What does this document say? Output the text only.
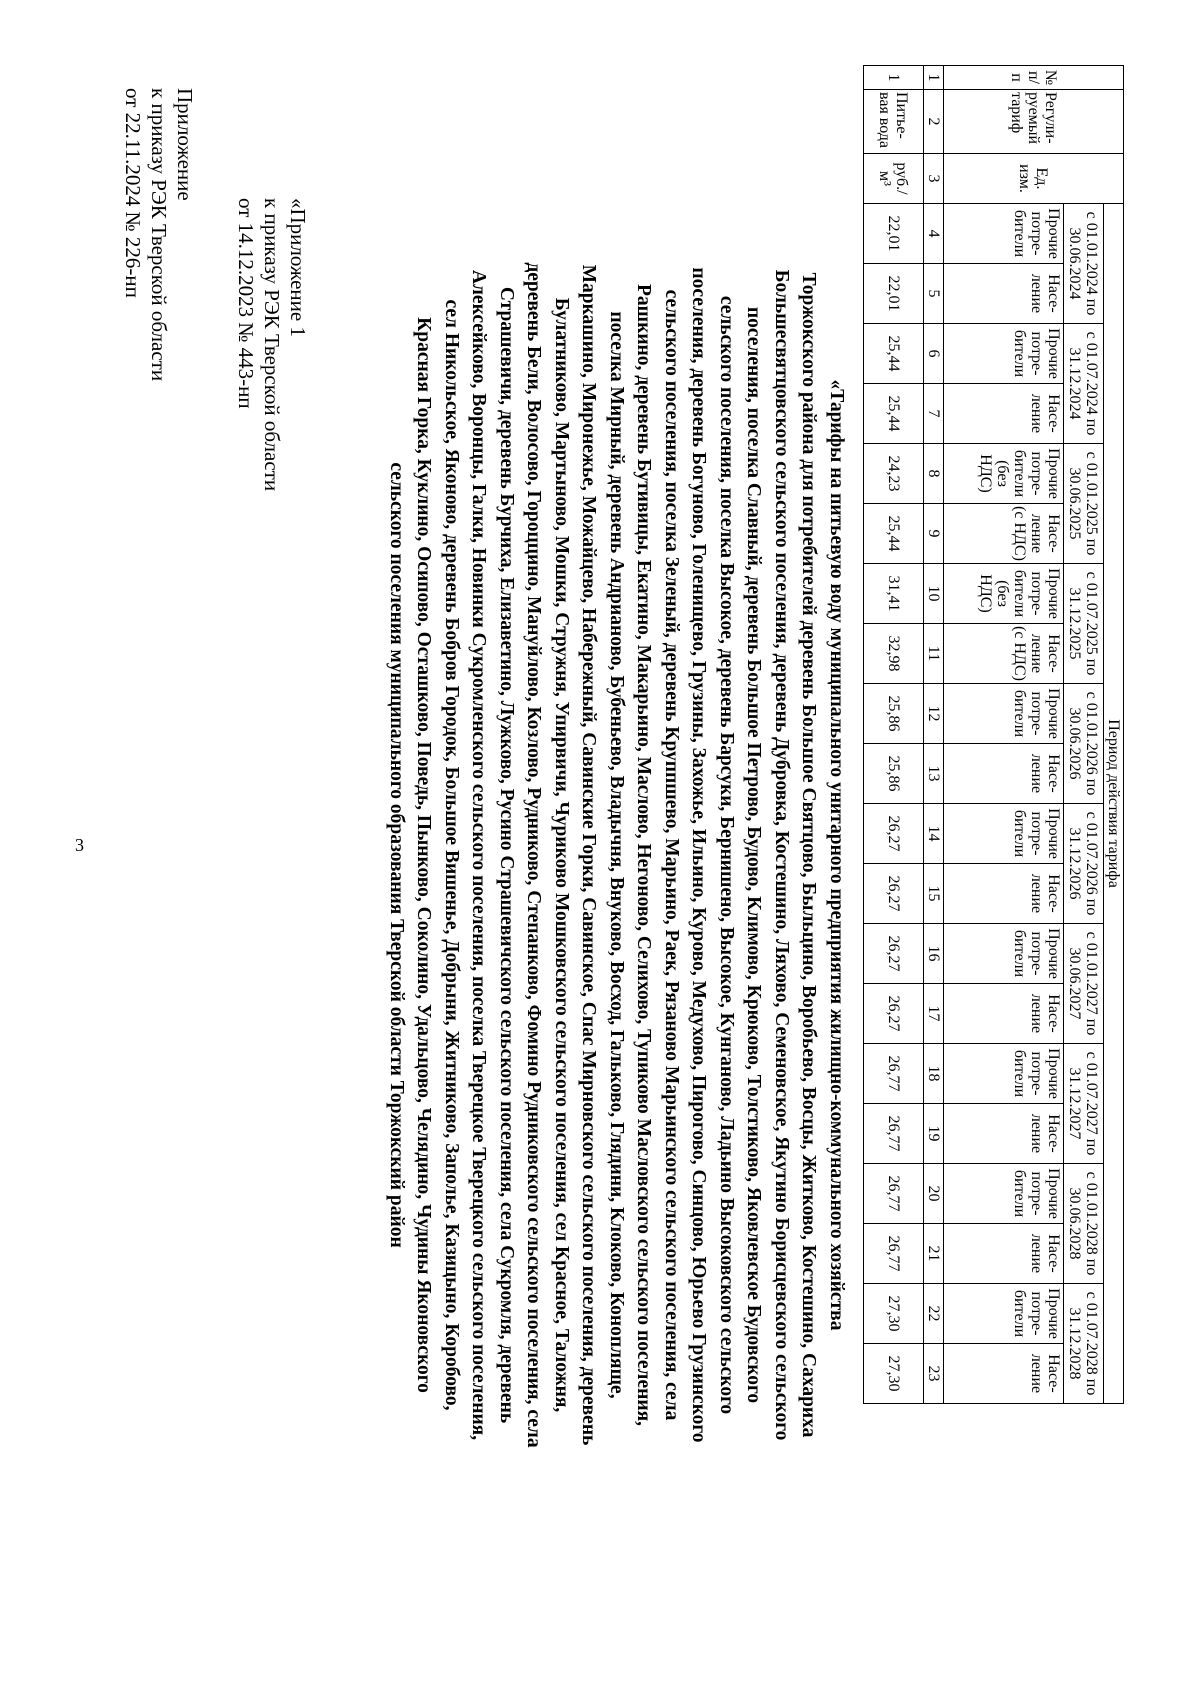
3
Приложение
к приказу РЭК Тверской области
от 22.11.2024 № 226-нп	«Приложение 1
к приказу РЭК Тверской области
от 14.12.2023 № 443-нп
«Тарифы на питьевую воду муниципального унитарного предприятия жилищно-коммунального хозяйства
Торжокского района для потребителей деревень Большое Святцово, Быльцино, Воробьево, Восцы, Житково, Костешино, Сахариха
Большесвятцовского сельского поселения, деревень Дубровка, Костешино, Ляхово, Семеновское, Якутино Борисцевского сельского
поселения, поселка Славный, деревень Большое Петрово, Будово, Климово, Крюково, Толстиково, Яковлевское Будовского
сельского поселения, поселка Высокое, деревень Барсуки, Бернишено, Высокое, Кунганово, Ладьино Высоковского сельского
поселения, деревень Богуново, Голенищево, Грузины, Захожье, Ильино, Курово, Медухово, Пирогово, Синцово, Юрьево Грузинского
сельского поселения, поселка Зеленый, деревень Круппшево, Марьино, Раек, Рязаново Марьинского сельского поселения, села
Рашкино, деревень Бутивицы, Екатино, Макарьино, Маслово, Негоново, Селихово, Тупиково Масловского сельского поселения,
поселка Мирный, деревень Андрианово, Бубеньево, Владычня, Внуково, Восход, Гальково, Глядини, Клоково, Конопляще,
Маркашино, Миронежье, Можайцево, Набережный, Савинские Горки, Савинское, Спас Мирновского сельского поселения, деревень
Булатниково, Мартыново, Мошки, Стружня, Упирвичи, Чуриково Мошковского сельского поселения, сел Красное, Таложня,
деревень Бели, Волосово, Гороццино, Мануйлово, Козлово, Рудниково, Степанково, Фомино Рудниковского сельского поселения, села
Страшевичи, деревень Бурчиха, Елизаветино, Лужково, Русино Страшевичского сельского поселения, села Сукромля, деревень
Алексейково, Воронцы, Галки, Новинки Сукромленского сельского поселения, поселка Тверецкое Тверецкого сельского поселения,
сел Никольское, Яконово, деревень Бобров Городок, Большое Вишенье, Добрыни, Житниково, Заполье, Казицыно, Коробово,
Красная Горка, Куклино, Осипово, Осташково, Поведь, Пынково, Соколино, Удальцово, Челядино, Чудины Яконовского
сельского поселения муниципального образования Тверской области Торжокский район
№
п/п	Регули-руемый тариф	Ед. изм.	Период действия тарифа																			
			с 01.01.2024 по 30.06.2024		с 01.07.2024 по 31.12.2024		с 01.01.2025 по 30.06.2025		с 01.07.2025 по 31.12.2025		с 01.01.2026 по 30.06.2026		с 01.07.2026 по 31.12.2026		с 01.01.2027 по 30.06.2027		с 01.07.2027 по 31.12.2027		с 01.01.2028 по 30.06.2028		с 01.07.2028 по 31.12.2028	
			Прочие потре-бители	Насе-ление	Прочие потре-бители	Насе-ление	Прочие потре-бители (без НДС)	Насе-ление (с НДС)	Прочие потре-бители (без НДС)	Насе-ление (с НДС)	Прочие потре-бители	Насе-ление	Прочие потре-бители	Насе-ление	Прочие потре-бители	Насе-ление	Прочие потре-бители	Насе-ление	Прочие потре-бители	Насе-ление	Прочие потре-бители	Насе-ление
1	2	3	4	5	6	7	8	9	10	11	12	13	14	15	16	17	18	19	20	21	22	23
1	Питье-вая вода	руб./м³	22,01	22,01	25,44	25,44	24,23	25,44	31,41	32,98	25,86	25,86	26,27	26,27	26,27	26,27	26,77	26,77	26,77	26,77	27,30	27,30
